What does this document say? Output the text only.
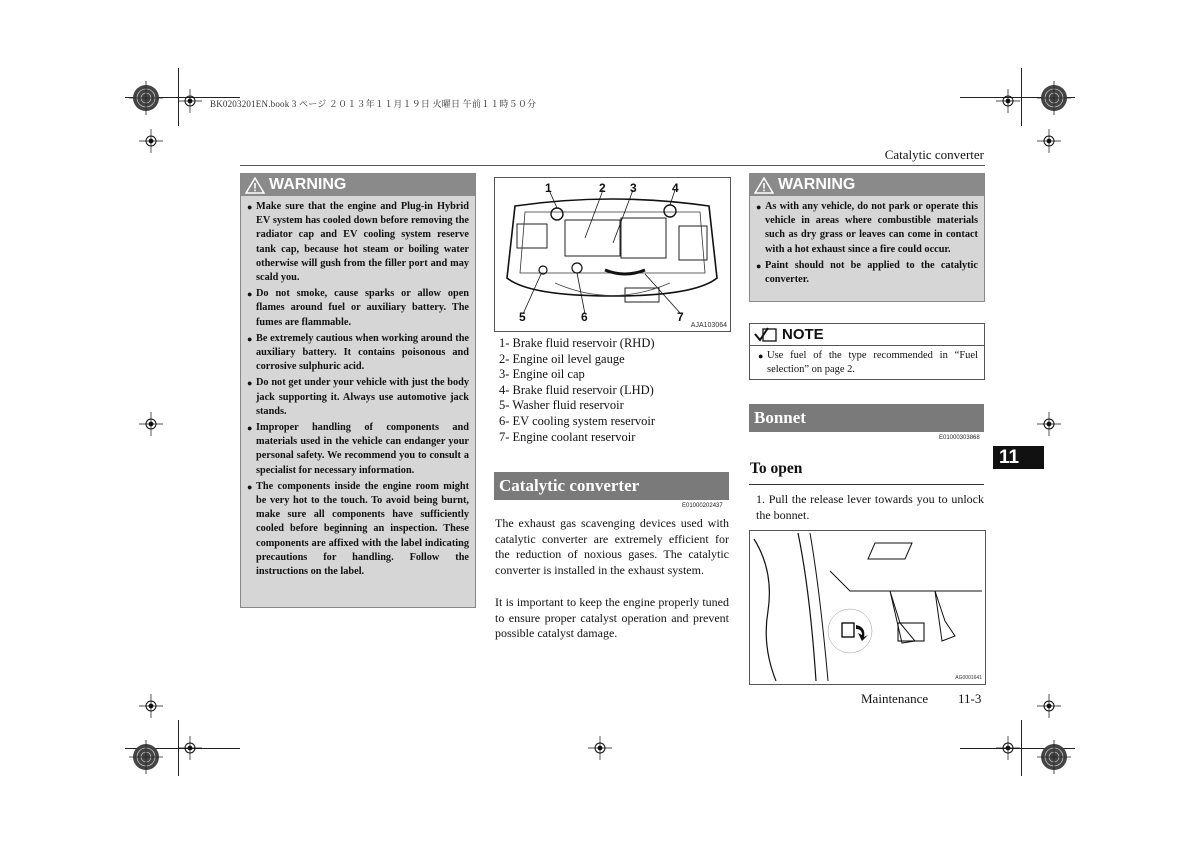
BK0203201EN.book 3 ページ ２０１３年１１月１９日 火曜日 午前１１時５０分
Catalytic converter
WARNING
● Make sure that the engine and Plug-in Hybrid EV system has cooled down before removing the radiator cap and EV cooling system reserve tank cap, because hot steam or boiling water otherwise will gush from the filler port and may scald you.
● Do not smoke, cause sparks or allow open flames around fuel or auxiliary battery. The fumes are flammable.
● Be extremely cautious when working around the auxiliary battery. It contains poisonous and corrosive sulphuric acid.
● Do not get under your vehicle with just the body jack supporting it. Always use automotive jack stands.
● Improper handling of components and materials used in the vehicle can endanger your personal safety. We recommend you to consult a specialist for necessary information.
● The components inside the engine room might be very hot to the touch. To avoid being burnt, make sure all components have sufficiently cooled before beginning an inspection. These components are affixed with the label indicating precautions for handling. Follow the instructions on the label.
1	2 3	4
5	6	7
AJA103064
1- Brake fluid reservoir (RHD)
2- Engine oil level gauge
3- Engine oil cap
4- Brake fluid reservoir (LHD)
5- Washer fluid reservoir
6- EV cooling system reservoir
7- Engine coolant reservoir
Catalytic converter
E01000202437
The exhaust gas scavenging devices used with catalytic converter are extremely efficient for the reduction of noxious gases. The catalytic converter is installed in the exhaust system.
It is important to keep the engine properly tuned to ensure proper catalyst operation and prevent possible catalyst damage.
WARNING
● As with any vehicle, do not park or operate this vehicle in areas where combustible materials such as dry grass or leaves can come in contact with a hot exhaust since a fire could occur.
● Paint should not be applied to the catalytic converter.
NOTE
● Use fuel of the type recommended in “Fuel selection” on page 2.
Bonnet
E01000303868
To open
1. Pull the release lever towards you to unlock the bonnet.
AG0001641
11
Maintenance 11-3
